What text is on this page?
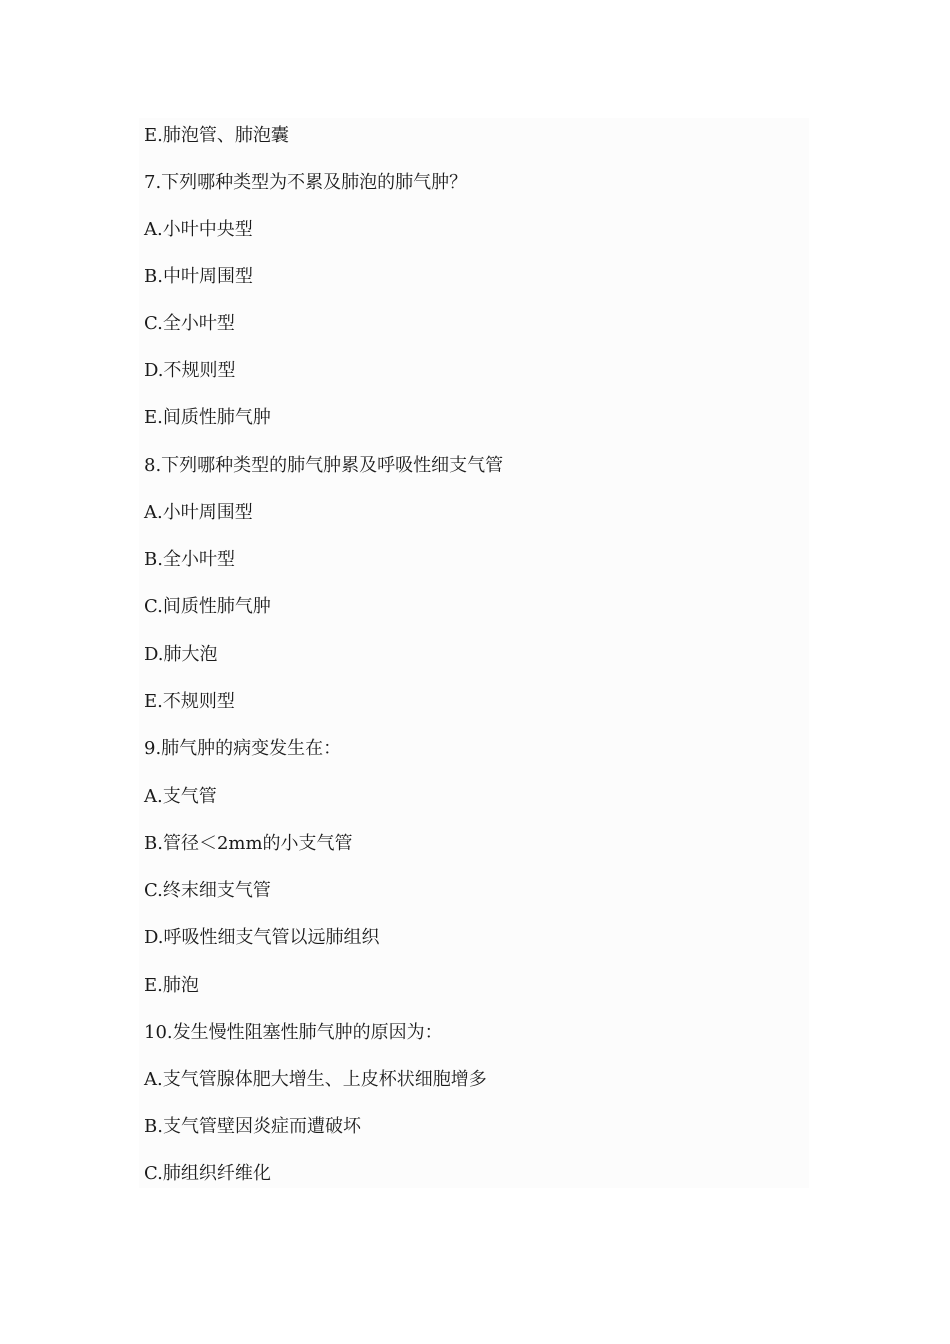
E.肺泡管、肺泡囊
7.下列哪种类型为不累及肺泡的肺气肿？
A.小叶中央型
B.中叶周围型
C.全小叶型
D.不规则型
E.间质性肺气肿
8.下列哪种类型的肺气肿累及呼吸性细支气管
A.小叶周围型
B.全小叶型
C.间质性肺气肿
D.肺大泡
E.不规则型
9.肺气肿的病变发生在：
A.支气管
B.管径＜2mm的小支气管
C.终末细支气管
D.呼吸性细支气管以远肺组织
E.肺泡
10.发生慢性阻塞性肺气肿的原因为：
A.支气管腺体肥大增生、上皮杯状细胞增多
B.支气管壁因炎症而遭破坏
C.肺组织纤维化
